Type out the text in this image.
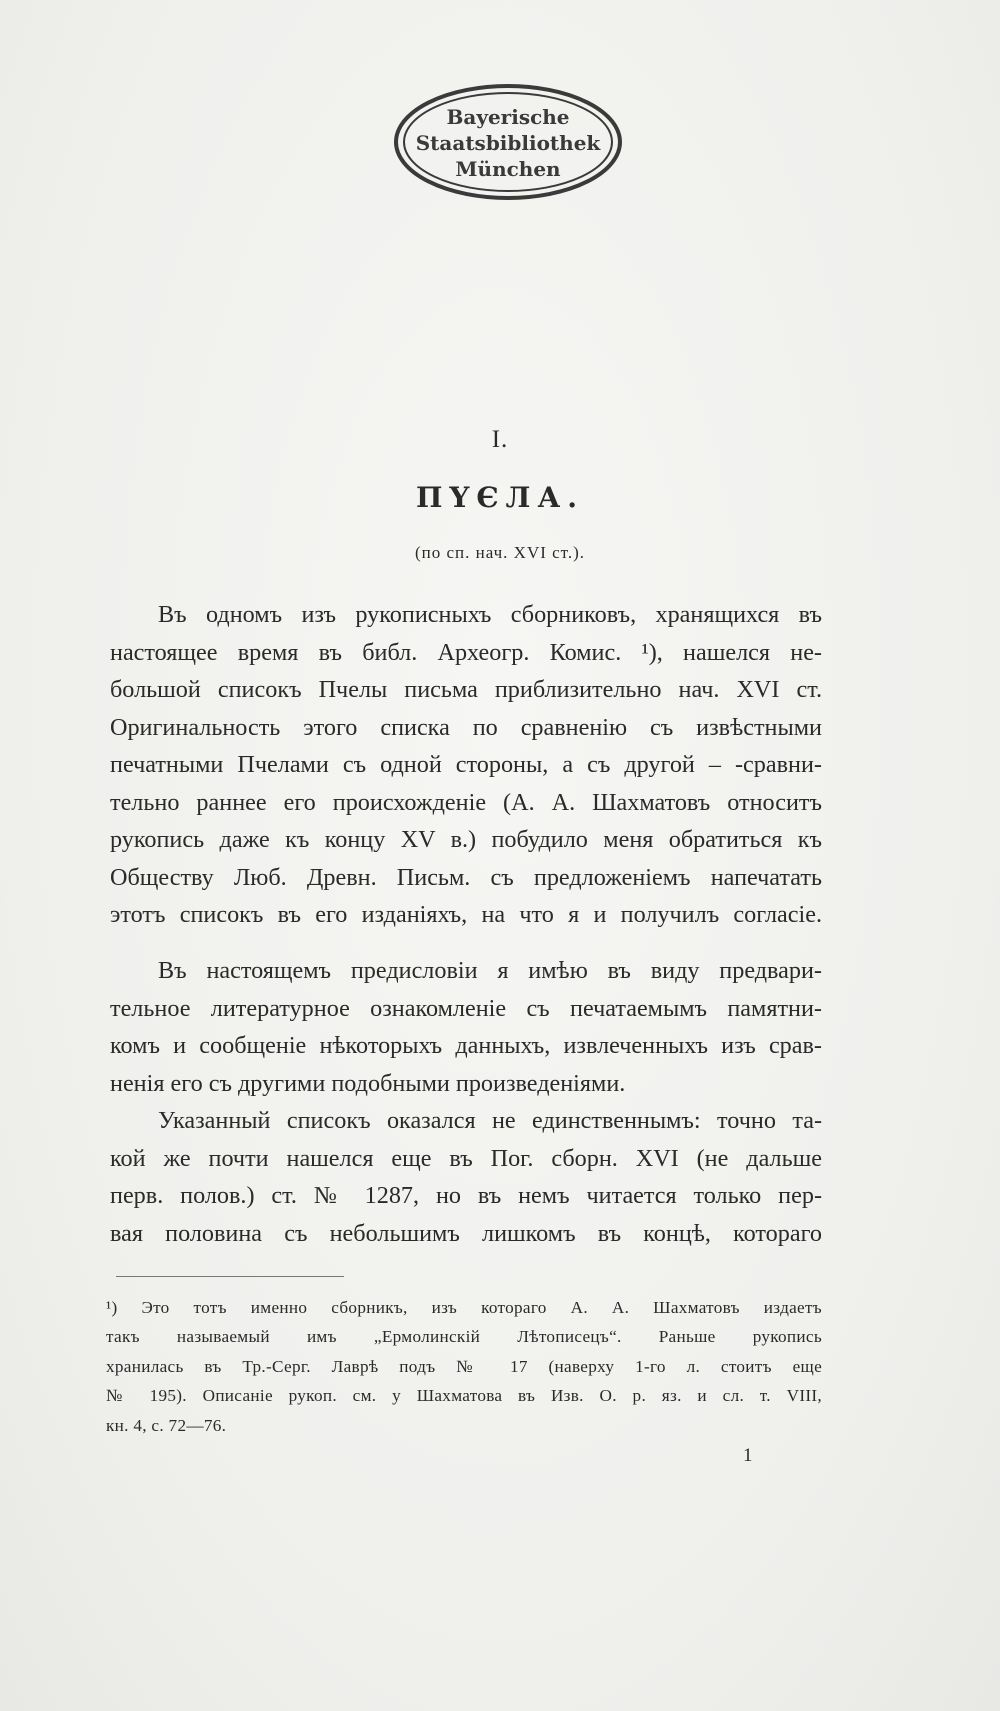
Bayerische
Staatsbibliothek
München
I.
ПҮЄЛА.
(по сп. нач. XVI ст.).
Въ одномъ изъ рукописныхъ сборниковъ, хранящихся въ
настоящее время въ библ. Археогр. Комис. ¹), нашелся не-
большой списокъ Пчелы письма приблизительно нач. XVI ст.
Оригинальность этого списка по сравненію съ извѣстными
печатными Пчелами съ одной стороны, а съ другой – -сравни-
тельно раннее его происхожденіе (А. А. Шахматовъ относитъ
рукопись даже къ концу XV в.) побудило меня обратиться къ
Обществу Люб. Древн. Письм. съ предложеніемъ напечатать
этотъ списокъ въ его изданіяхъ, на что я и получилъ согласіе.
Въ настоящемъ предисловіи я имѣю въ виду предвари-
тельное литературное ознакомленіе съ печатаемымъ памятни-
комъ и сообщеніе нѣкоторыхъ данныхъ, извлеченныхъ изъ срав-
ненія его съ другими подобными произведеніями.
Указанный списокъ оказался не единственнымъ: точно та-
кой же почти нашелся еще въ Пог. сборн. XVI (не дальше
перв. полов.) ст. № 1287, но въ немъ читается только пер-
вая половина съ небольшимъ лишкомъ въ концѣ, котораго
¹) Это тотъ именно сборникъ, изъ котораго А. А. Шахматовъ издаетъ
такъ называемый имъ „Ермолинскій Лѣтописецъ“. Раньше рукопись
хранилась въ Тр.-Серг. Лаврѣ подъ № 17 (наверху 1-го л. стоитъ еще
№ 195). Описаніе рукоп. см. у Шахматова въ Изв. О. р. яз. и сл. т. VIII,
кн. 4, с. 72—76.
1
